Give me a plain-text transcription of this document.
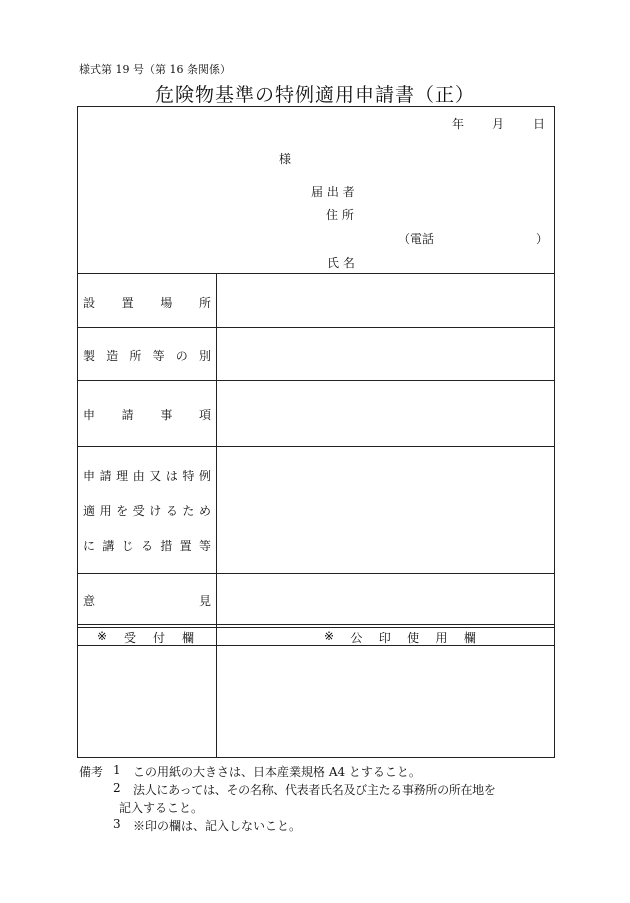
様式第 19 号（第 16 条関係）
危険物基準の特例適用申請書（正）
年 月 日
様
届 出 者
住 所
（電話	）
氏 名
設 置 場 所
製 造 所 等 の 別
申 請 事 項
申 請 理 由 又 は 特 例
適 用 を 受 け る た め
に 講 じ る 措 置 等
意	見
※ 受 付 欄	※ 公 印 使 用 欄
備考 1 この用紙の大きさは、日本産業規格 A4 とすること。
2 法人にあっては、その名称、代表者氏名及び主たる事務所の所在地を
記入すること。
3 ※印の欄は、記入しないこと。
